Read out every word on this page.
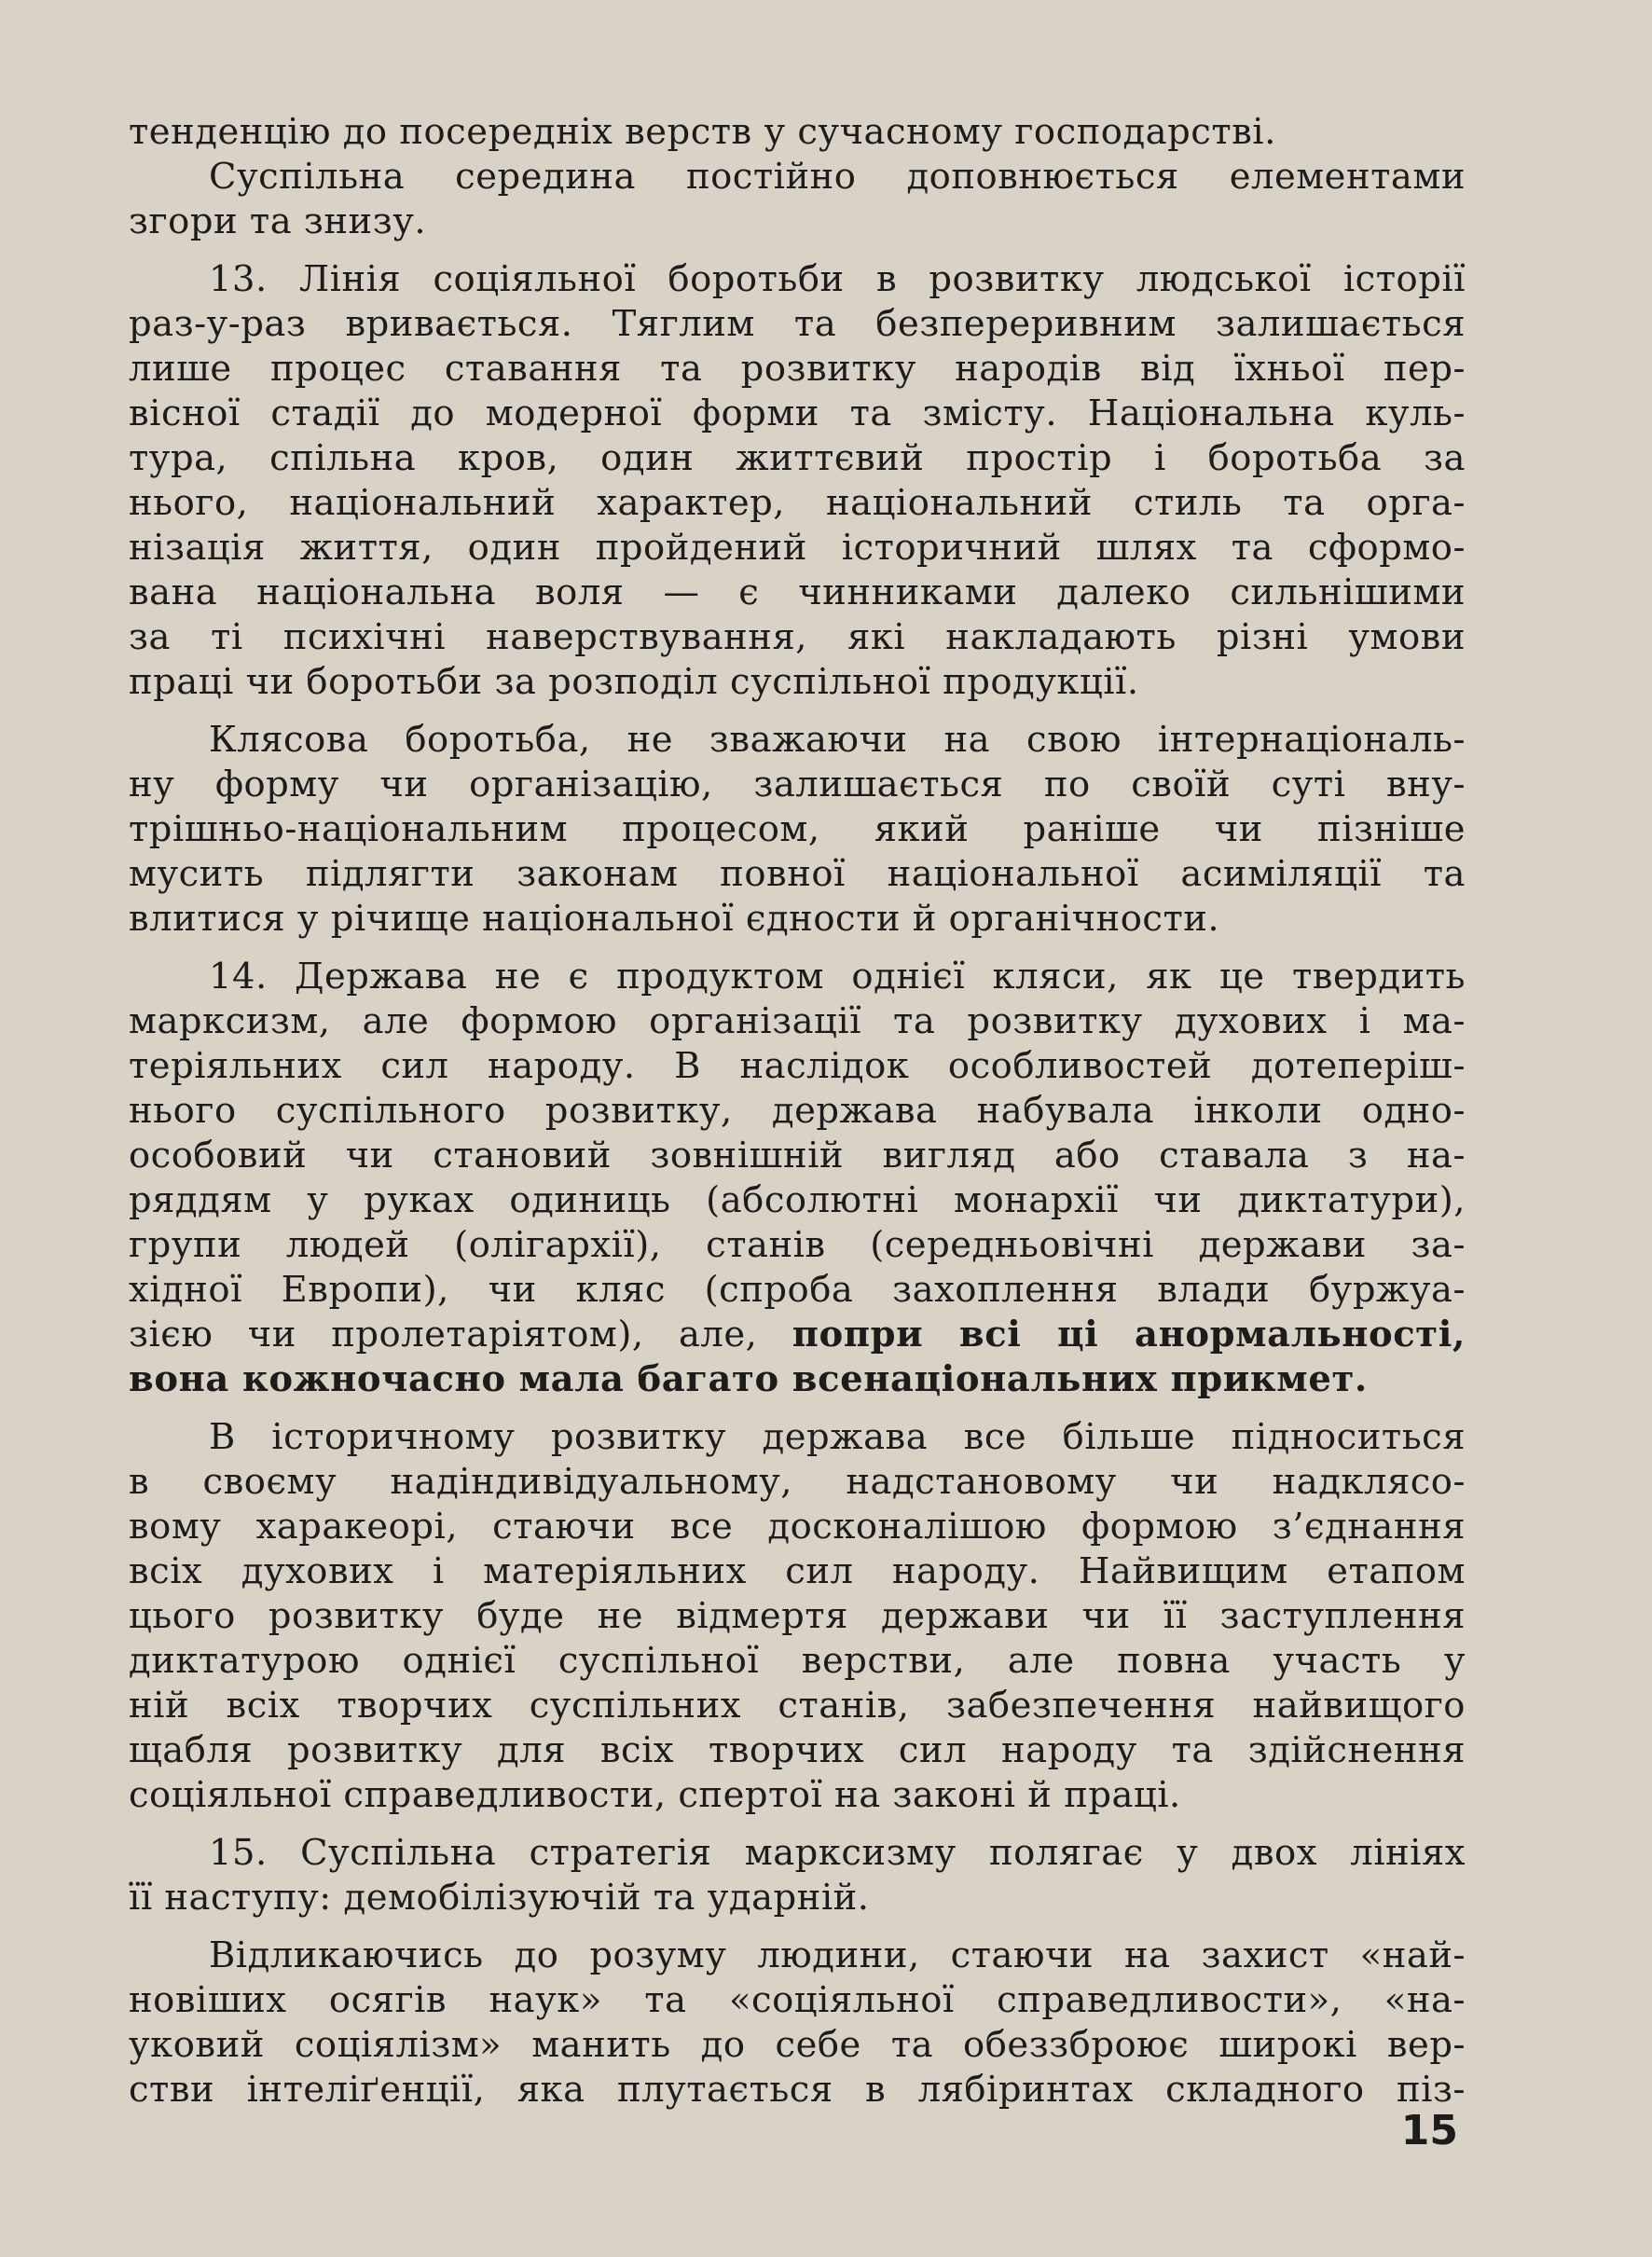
тенденцію до посередніх верств у сучасному господарстві.
Суспільна середина постійно доповнюється елементами
згори та знизу.
13. Лінія соціяльної боротьби в розвитку людської історії
раз-у-раз вривається. Тяглим та безпереривним залишається
лише процес ставання та розвитку народів від їхньої пер-
вісної стадії до модерної форми та змісту. Національна куль-
тура, спільна кров, один життєвий простір і боротьба за
нього, національний характер, національний стиль та орга-
нізація життя, один пройдений історичний шлях та сформо-
вана національна воля — є чинниками далеко сильнішими
за ті психічні наверствування, які накладають різні умови
праці чи боротьби за розподіл суспільної продукції.
Клясова боротьба, не зважаючи на свою інтернаціональ-
ну форму чи організацію, залишається по своїй суті вну-
трішньо-національним процесом, який раніше чи пізніше
мусить підлягти законам повної національної асиміляції та
влитися у річище національної єдности й органічности.
14. Держава не є продуктом однієї кляси, як це твердить
марксизм, але формою організації та розвитку духових і ма-
теріяльних сил народу. В наслідок особливостей дотеперіш-
нього суспільного розвитку, держава набувала інколи одно-
особовий чи становий зовнішній вигляд або ставала з на-
ряддям у руках одиниць (абсолютні монархії чи диктатури),
групи людей (олігархії), станів (середньовічні держави за-
хідної Европи), чи кляс (спроба захоплення влади буржуа-
зією чи пролетаріятом), але, попри всі ці анормальності,
вона кожночасно мала багато всенаціональних прикмет.
В історичному розвитку держава все більше підноситься
в своєму надіндивідуальному, надстановому чи надклясо-
вому харакеорі, стаючи все досконалішою формою з’єднання
всіх духових і матеріяльних сил народу. Найвищим етапом
цього розвитку буде не відмертя держави чи її заступлення
диктатурою однієї суспільної верстви, але повна участь у
ній всіх творчих суспільних станів, забезпечення найвищого
щабля розвитку для всіх творчих сил народу та здійснення
соціяльної справедливости, спертої на законі й праці.
15. Суспільна стратегія марксизму полягає у двох лініях
її наступу: демобілізуючій та ударній.
Відликаючись до розуму людини, стаючи на захист «най-
новіших осягів наук» та «соціяльної справедливости», «на-
уковий соціялізм» манить до себе та обеззброює широкі вер-
стви інтеліґенції, яка плутається в лябіринтах складного піз-
15
